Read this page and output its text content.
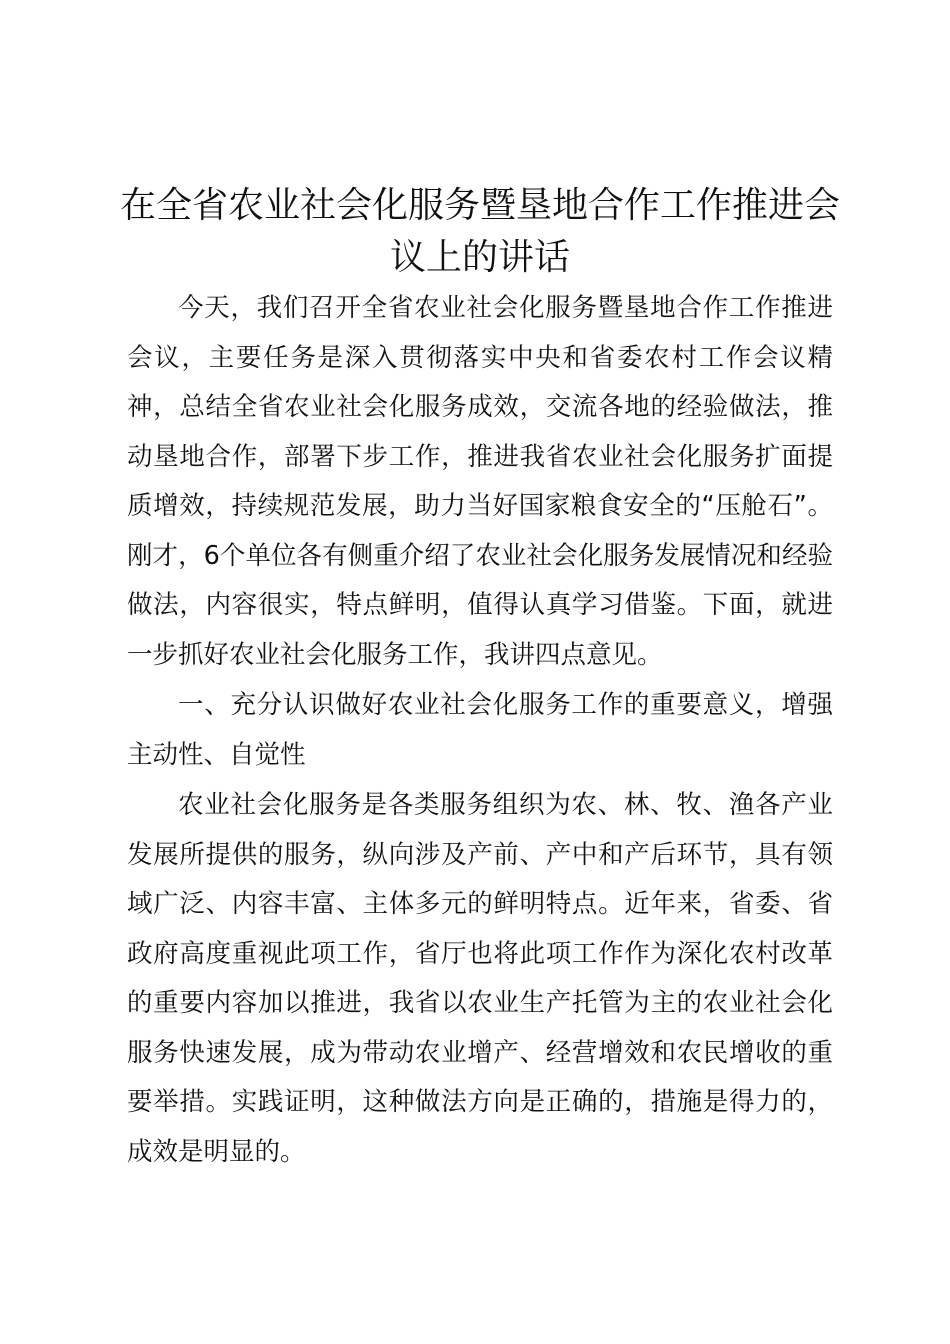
在全省农业社会化服务暨垦地合作工作推进会议上的讲话

今天，我们召开全省农业社会化服务暨垦地合作工作推进会议，主要任务是深入贯彻落实中央和省委农村工作会议精神，总结全省农业社会化服务成效，交流各地的经验做法，推动垦地合作，部署下步工作，推进我省农业社会化服务扩面提质增效，持续规范发展，助力当好国家粮食安全的“压舱石”。刚才，6个单位各有侧重介绍了农业社会化服务发展情况和经验做法，内容很实，特点鲜明，值得认真学习借鉴。下面，就进一步抓好农业社会化服务工作，我讲四点意见。

一、充分认识做好农业社会化服务工作的重要意义，增强主动性、自觉性

农业社会化服务是各类服务组织为农、林、牧、渔各产业发展所提供的服务，纵向涉及产前、产中和产后环节，具有领域广泛、内容丰富、主体多元的鲜明特点。近年来，省委、省政府高度重视此项工作，省厅也将此项工作作为深化农村改革的重要内容加以推进，我省以农业生产托管为主的农业社会化服务快速发展，成为带动农业增产、经营增效和农民增收的重要举措。实践证明，这种做法方向是正确的，措施是得力的，成效是明显的。
